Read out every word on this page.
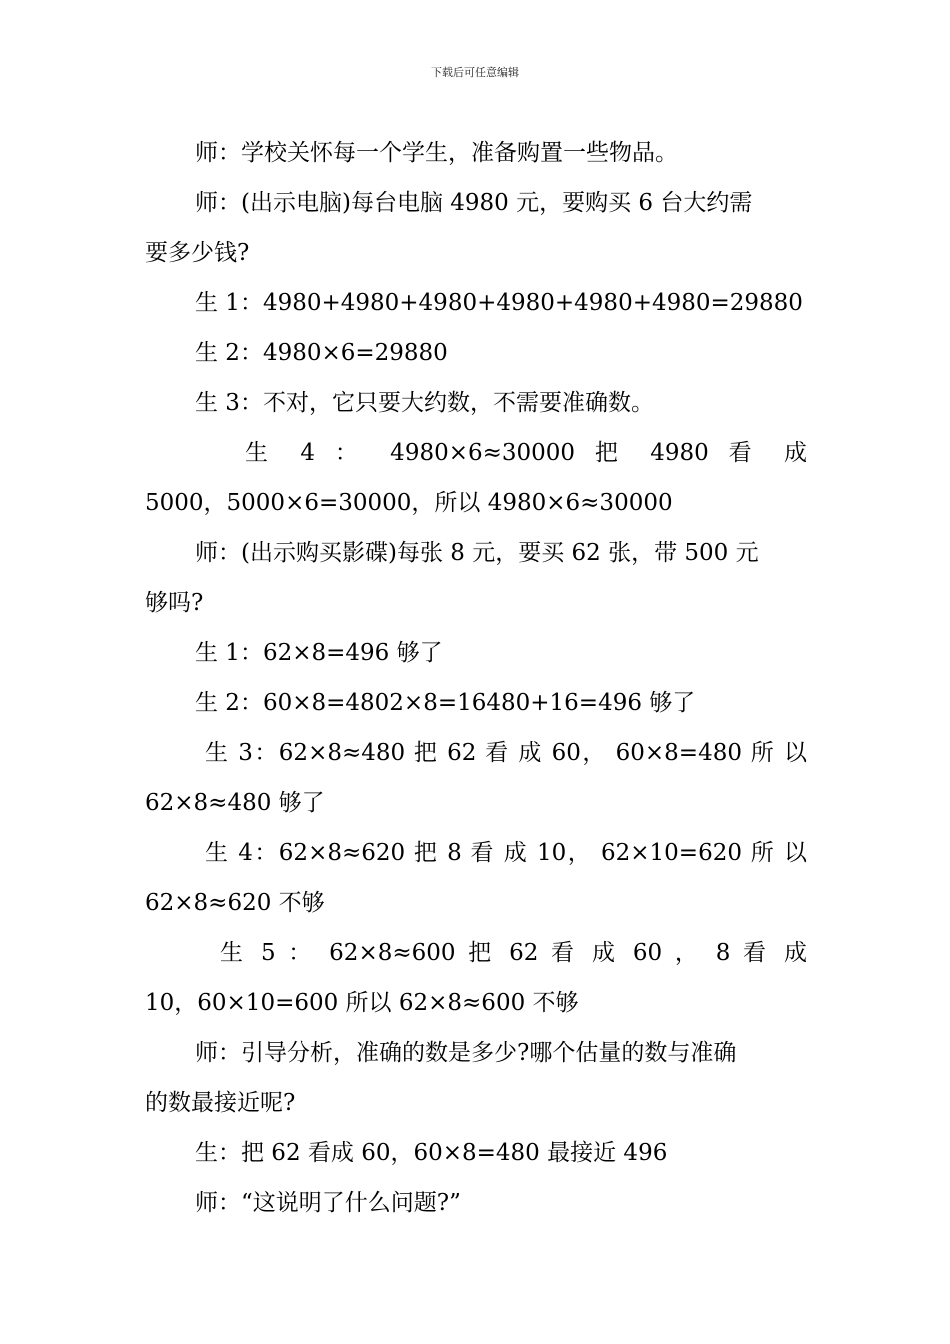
下载后可任意编辑
师：学校关怀每一个学生，准备购置一些物品。
师：(出示电脑)每台电脑 4980 元，要购买 6 台大约需
要多少钱?
生 1：4980+4980+4980+4980+4980+4980=29880
生 2：4980×6=29880
生 3：不对，它只要大约数，不需要准确数。
生 4 ： 4980×6≈30000 把 4980 看 成
5000，5000×6=30000，所以 4980×6≈30000
师：(出示购买影碟)每张 8 元，要买 62 张，带 500 元
够吗?
生 1：62×8=496 够了
生 2：60×8=4802×8=16480+16=496 够了
生 3：62×8≈480 把 62 看 成 60， 60×8=480 所 以
62×8≈480 够了
生 4：62×8≈620 把 8 看 成 10， 62×10=620 所 以
62×8≈620 不够
生 5 ： 62×8≈600 把 62 看 成 60 ， 8 看 成
10，60×10=600 所以 62×8≈600 不够
师：引导分析，准确的数是多少?哪个估量的数与准确
的数最接近呢?
生：把 62 看成 60，60×8=480 最接近 496
师：“这说明了什么问题?”
